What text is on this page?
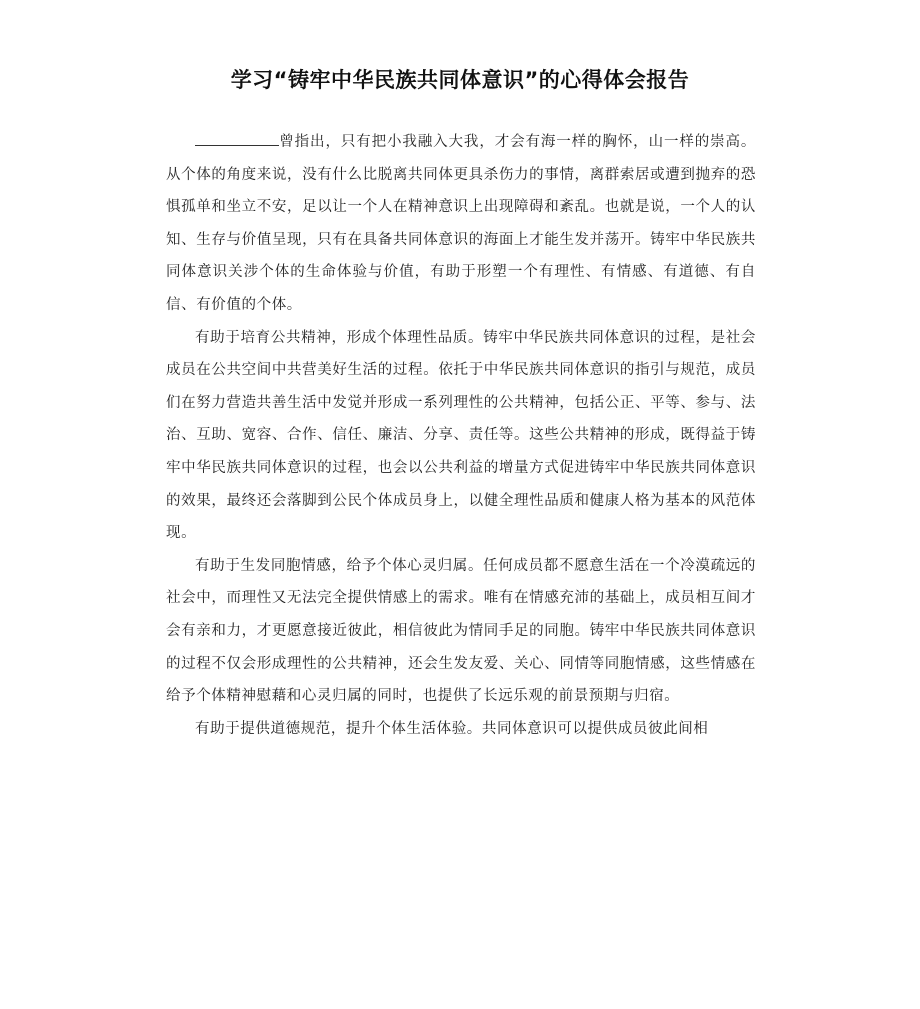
学习“铸牢中华民族共同体意识”的心得体会报告

曾指出，只有把小我融入大我，才会有海一样的胸怀，山一样的崇高。从个体的角度来说，没有什么比脱离共同体更具杀伤力的事情，离群索居或遭到抛弃的恐惧孤单和坐立不安，足以让一个人在精神意识上出现障碍和紊乱。也就是说，一个人的认知、生存与价值呈现，只有在具备共同体意识的海面上才能生发并荡开。铸牢中华民族共同体意识关涉个体的生命体验与价值，有助于形塑一个有理性、有情感、有道德、有自信、有价值的个体。

有助于培育公共精神，形成个体理性品质。铸牢中华民族共同体意识的过程，是社会成员在公共空间中共营美好生活的过程。依托于中华民族共同体意识的指引与规范，成员们在努力营造共善生活中发觉并形成一系列理性的公共精神，包括公正、平等、参与、法治、互助、宽容、合作、信任、廉洁、分享、责任等。这些公共精神的形成，既得益于铸牢中华民族共同体意识的过程，也会以公共利益的增量方式促进铸牢中华民族共同体意识的效果，最终还会落脚到公民个体成员身上，以健全理性品质和健康人格为基本的风范体现。

有助于生发同胞情感，给予个体心灵归属。任何成员都不愿意生活在一个冷漠疏远的社会中，而理性又无法完全提供情感上的需求。唯有在情感充沛的基础上，成员相互间才会有亲和力，才更愿意接近彼此，相信彼此为情同手足的同胞。铸牢中华民族共同体意识的过程不仅会形成理性的公共精神，还会生发友爱、关心、同情等同胞情感，这些情感在给予个体精神慰藉和心灵归属的同时，也提供了长远乐观的前景预期与归宿。

有助于提供道德规范，提升个体生活体验。共同体意识可以提供成员彼此间相
